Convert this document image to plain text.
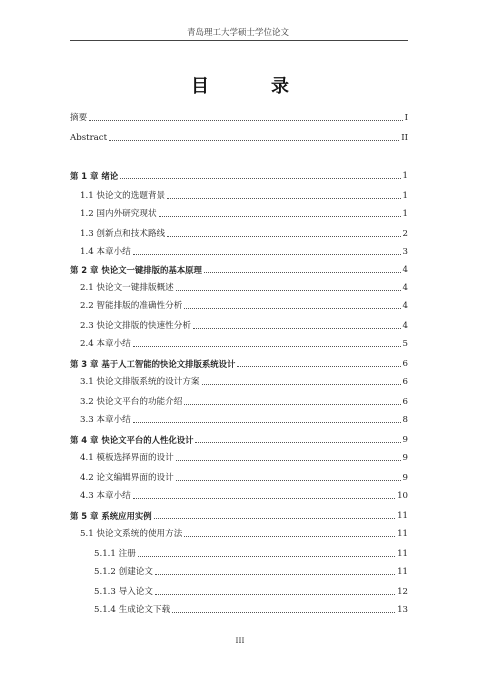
青岛理工大学硕士学位论文
目　录
摘要	I
Abstract	II
第 1 章 绪论	1
1.1 快论文的选题背景	1
1.2 国内外研究现状	1
1.3 创新点和技术路线	2
1.4 本章小结	3
第 2 章 快论文一键排版的基本原理	4
2.1 快论文一键排版概述	4
2.2 智能排版的准确性分析	4
2.3 快论文排版的快速性分析	4
2.4 本章小结	5
第 3 章 基于人工智能的快论文排版系统设计	6
3.1 快论文排版系统的设计方案	6
3.2 快论文平台的功能介绍	6
3.3 本章小结	8
第 4 章 快论文平台的人性化设计	9
4.1 模板选择界面的设计	9
4.2 论文编辑界面的设计	9
4.3 本章小结	10
第 5 章 系统应用实例	11
5.1 快论文系统的使用方法	11
5.1.1 注册	11
5.1.2 创建论文	11
5.1.3 导入论文	12
5.1.4 生成论文下载	13
III
